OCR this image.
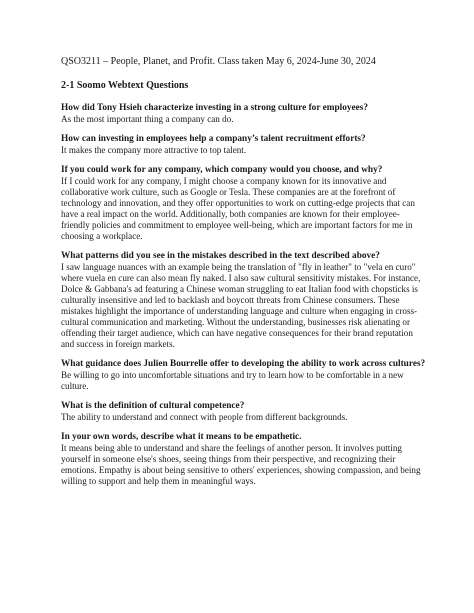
QSO3211 – People, Planet, and Profit. Class taken May 6, 2024-June 30, 2024
2-1 Soomo Webtext Questions

How did Tony Hsieh characterize investing in a strong culture for employees?

As the most important thing a company can do.

How can investing in employees help a company’s talent recruitment efforts?

It makes the company more attractive to top talent.

If you could work for any company, which company would you choose, and why?

If I could work for any company, I might choose a company known for its innovative and collaborative work culture, such as Google or Tesla. These companies are at the forefront of technology and innovation, and they offer opportunities to work on cutting-edge projects that can have a real impact on the world. Additionally, both companies are known for their employee-friendly policies and commitment to employee well-being, which are important factors for me in choosing a workplace.

What patterns did you see in the mistakes described in the text described above?

I saw language nuances with an example being the translation of "fly in leather" to "vela en curo" where vuela en cure can also mean fly naked. I also saw cultural sensitivity mistakes. For instance, Dolce & Gabbana's ad featuring a Chinese woman struggling to eat Italian food with chopsticks is culturally insensitive and led to backlash and boycott threats from Chinese consumers. These mistakes highlight the importance of understanding language and culture when engaging in cross-cultural communication and marketing. Without the understanding, businesses risk alienating or offending their target audience, which can have negative consequences for their brand reputation and success in foreign markets.

What guidance does Julien Bourrelle offer to developing the ability to work across cultures?

Be willing to go into uncomfortable situations and try to learn how to be comfortable in a new culture.

What is the definition of cultural competence?

The ability to understand and connect with people from different backgrounds.

In your own words, describe what it means to be empathetic.

It means being able to understand and share the feelings of another person. It involves putting yourself in someone else's shoes, seeing things from their perspective, and recognizing their emotions. Empathy is about being sensitive to others' experiences, showing compassion, and being willing to support and help them in meaningful ways.
